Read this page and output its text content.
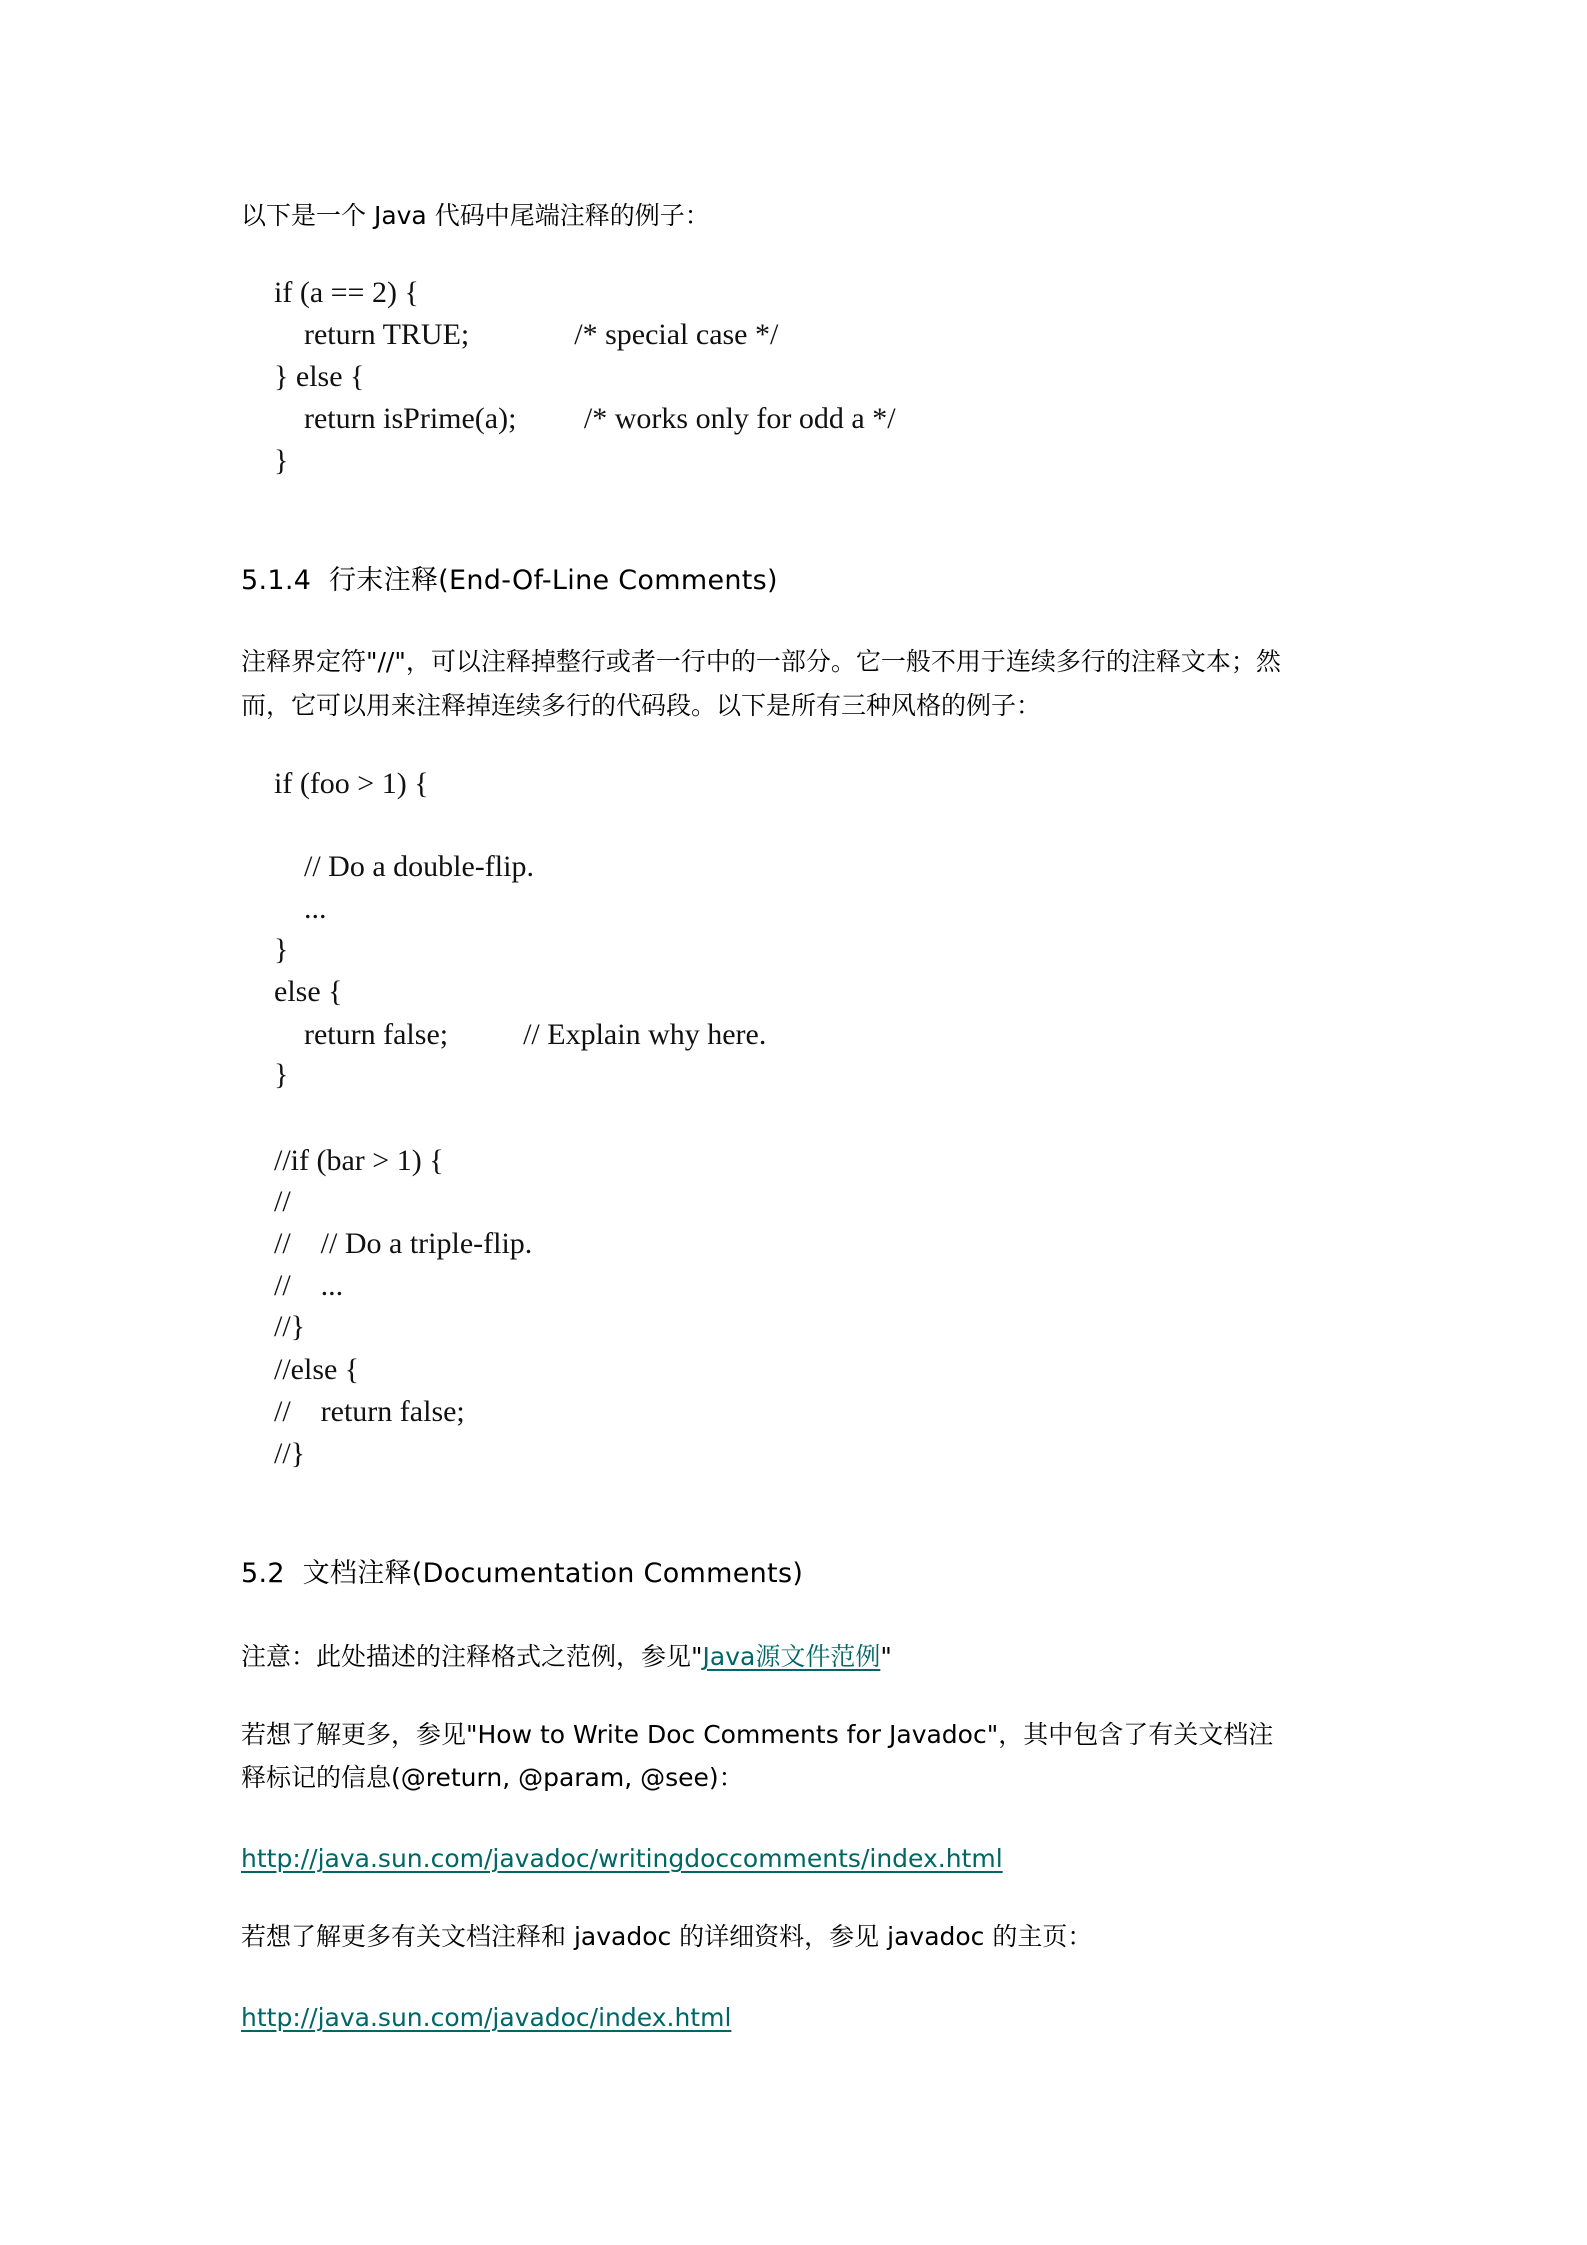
以下是一个 Java 代码中尾端注释的例子：
if (a == 2) {
return TRUE;              /* special case */
} else {
return isPrime(a);         /* works only for odd a */
}
5.1.4  行末注释(End-Of-Line Comments)
注释界定符"//"，可以注释掉整行或者一行中的一部分。它一般不用于连续多行的注释文本；然
而，它可以用来注释掉连续多行的代码段。以下是所有三种风格的例子：
if (foo > 1) {
// Do a double-flip.
...
}
else {
return false;          // Explain why here.
}
//if (bar > 1) {
//
//    // Do a triple-flip.
//    ...
//}
//else {
//    return false;
//}
5.2  文档注释(Documentation Comments)
注意：此处描述的注释格式之范例，参见"Java源文件范例"
若想了解更多，参见"How to Write Doc Comments for Javadoc"，其中包含了有关文档注
释标记的信息(@return, @param, @see)：
http://java.sun.com/javadoc/writingdoccomments/index.html
若想了解更多有关文档注释和 javadoc 的详细资料，参见 javadoc 的主页：
http://java.sun.com/javadoc/index.html
